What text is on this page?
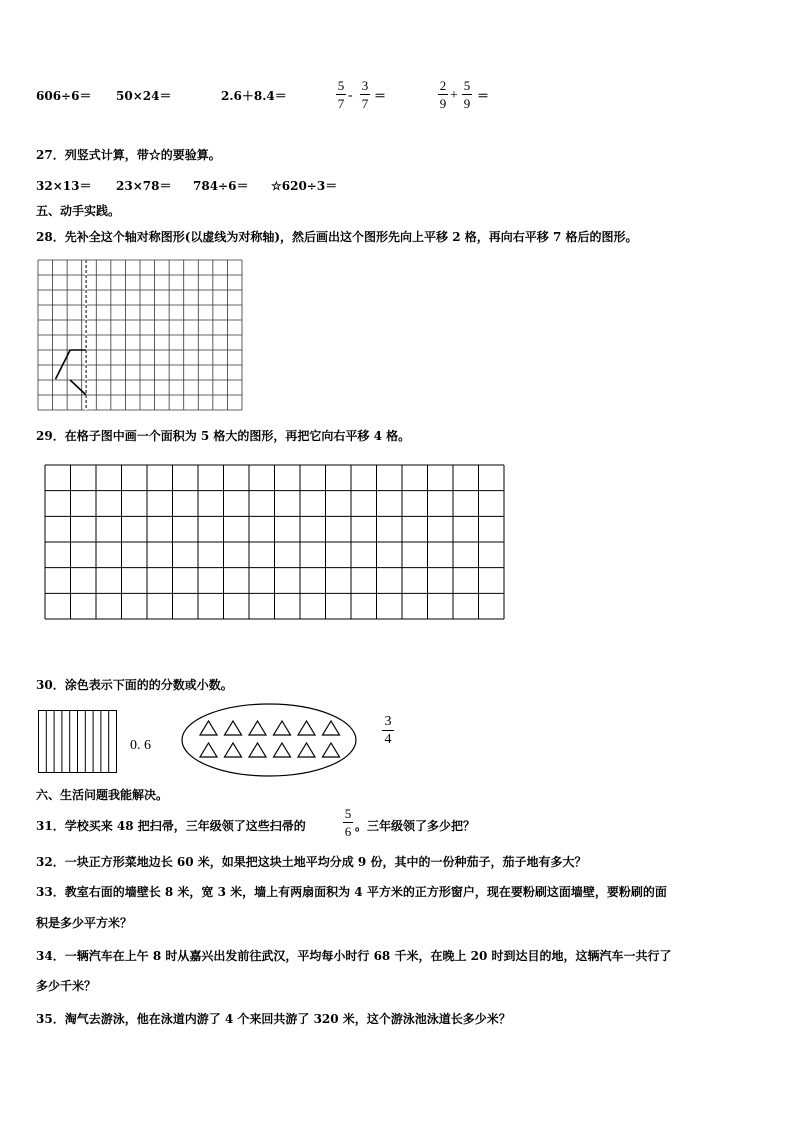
606÷6＝ 50×24＝	2.6＋8.4＝
5
7
-
3
7 ＝
2
9
+
5
9 ＝
27．列竖式计算，带☆的要验算。
32×13＝ 23×78＝ 784÷6＝ ☆620÷3＝
五、动手实践。
28．先补全这个轴对称图形(以虚线为对称轴)，然后画出这个图形先向上平移 2 格，再向右平移 7 格后的图形。
29．在格子图中画一个面积为 5 格大的图形，再把它向右平移 4 格。
30．涂色表示下面的的分数或小数。
0. 6
3
4
六、生活问题我能解决。
31．学校买来 48 把扫帚，三年级领了这些扫帚的
5
6 。三年级领了多少把？
32．一块正方形菜地边长 60 米，如果把这块土地平均分成 9 份，其中的一份种茄子，茄子地有多大？
33．教室右面的墙壁长 8 米，宽 3 米，墙上有两扇面积为 4 平方米的正方形窗户，现在要粉刷这面墙壁，要粉刷的面
积是多少平方米？
34．一辆汽车在上午 8 时从嘉兴出发前往武汉，平均每小时行 68 千米，在晚上 20 时到达目的地，这辆汽车一共行了
多少千米？
35．淘气去游泳，他在泳道内游了 4 个来回共游了 320 米，这个游泳池泳道长多少米？
